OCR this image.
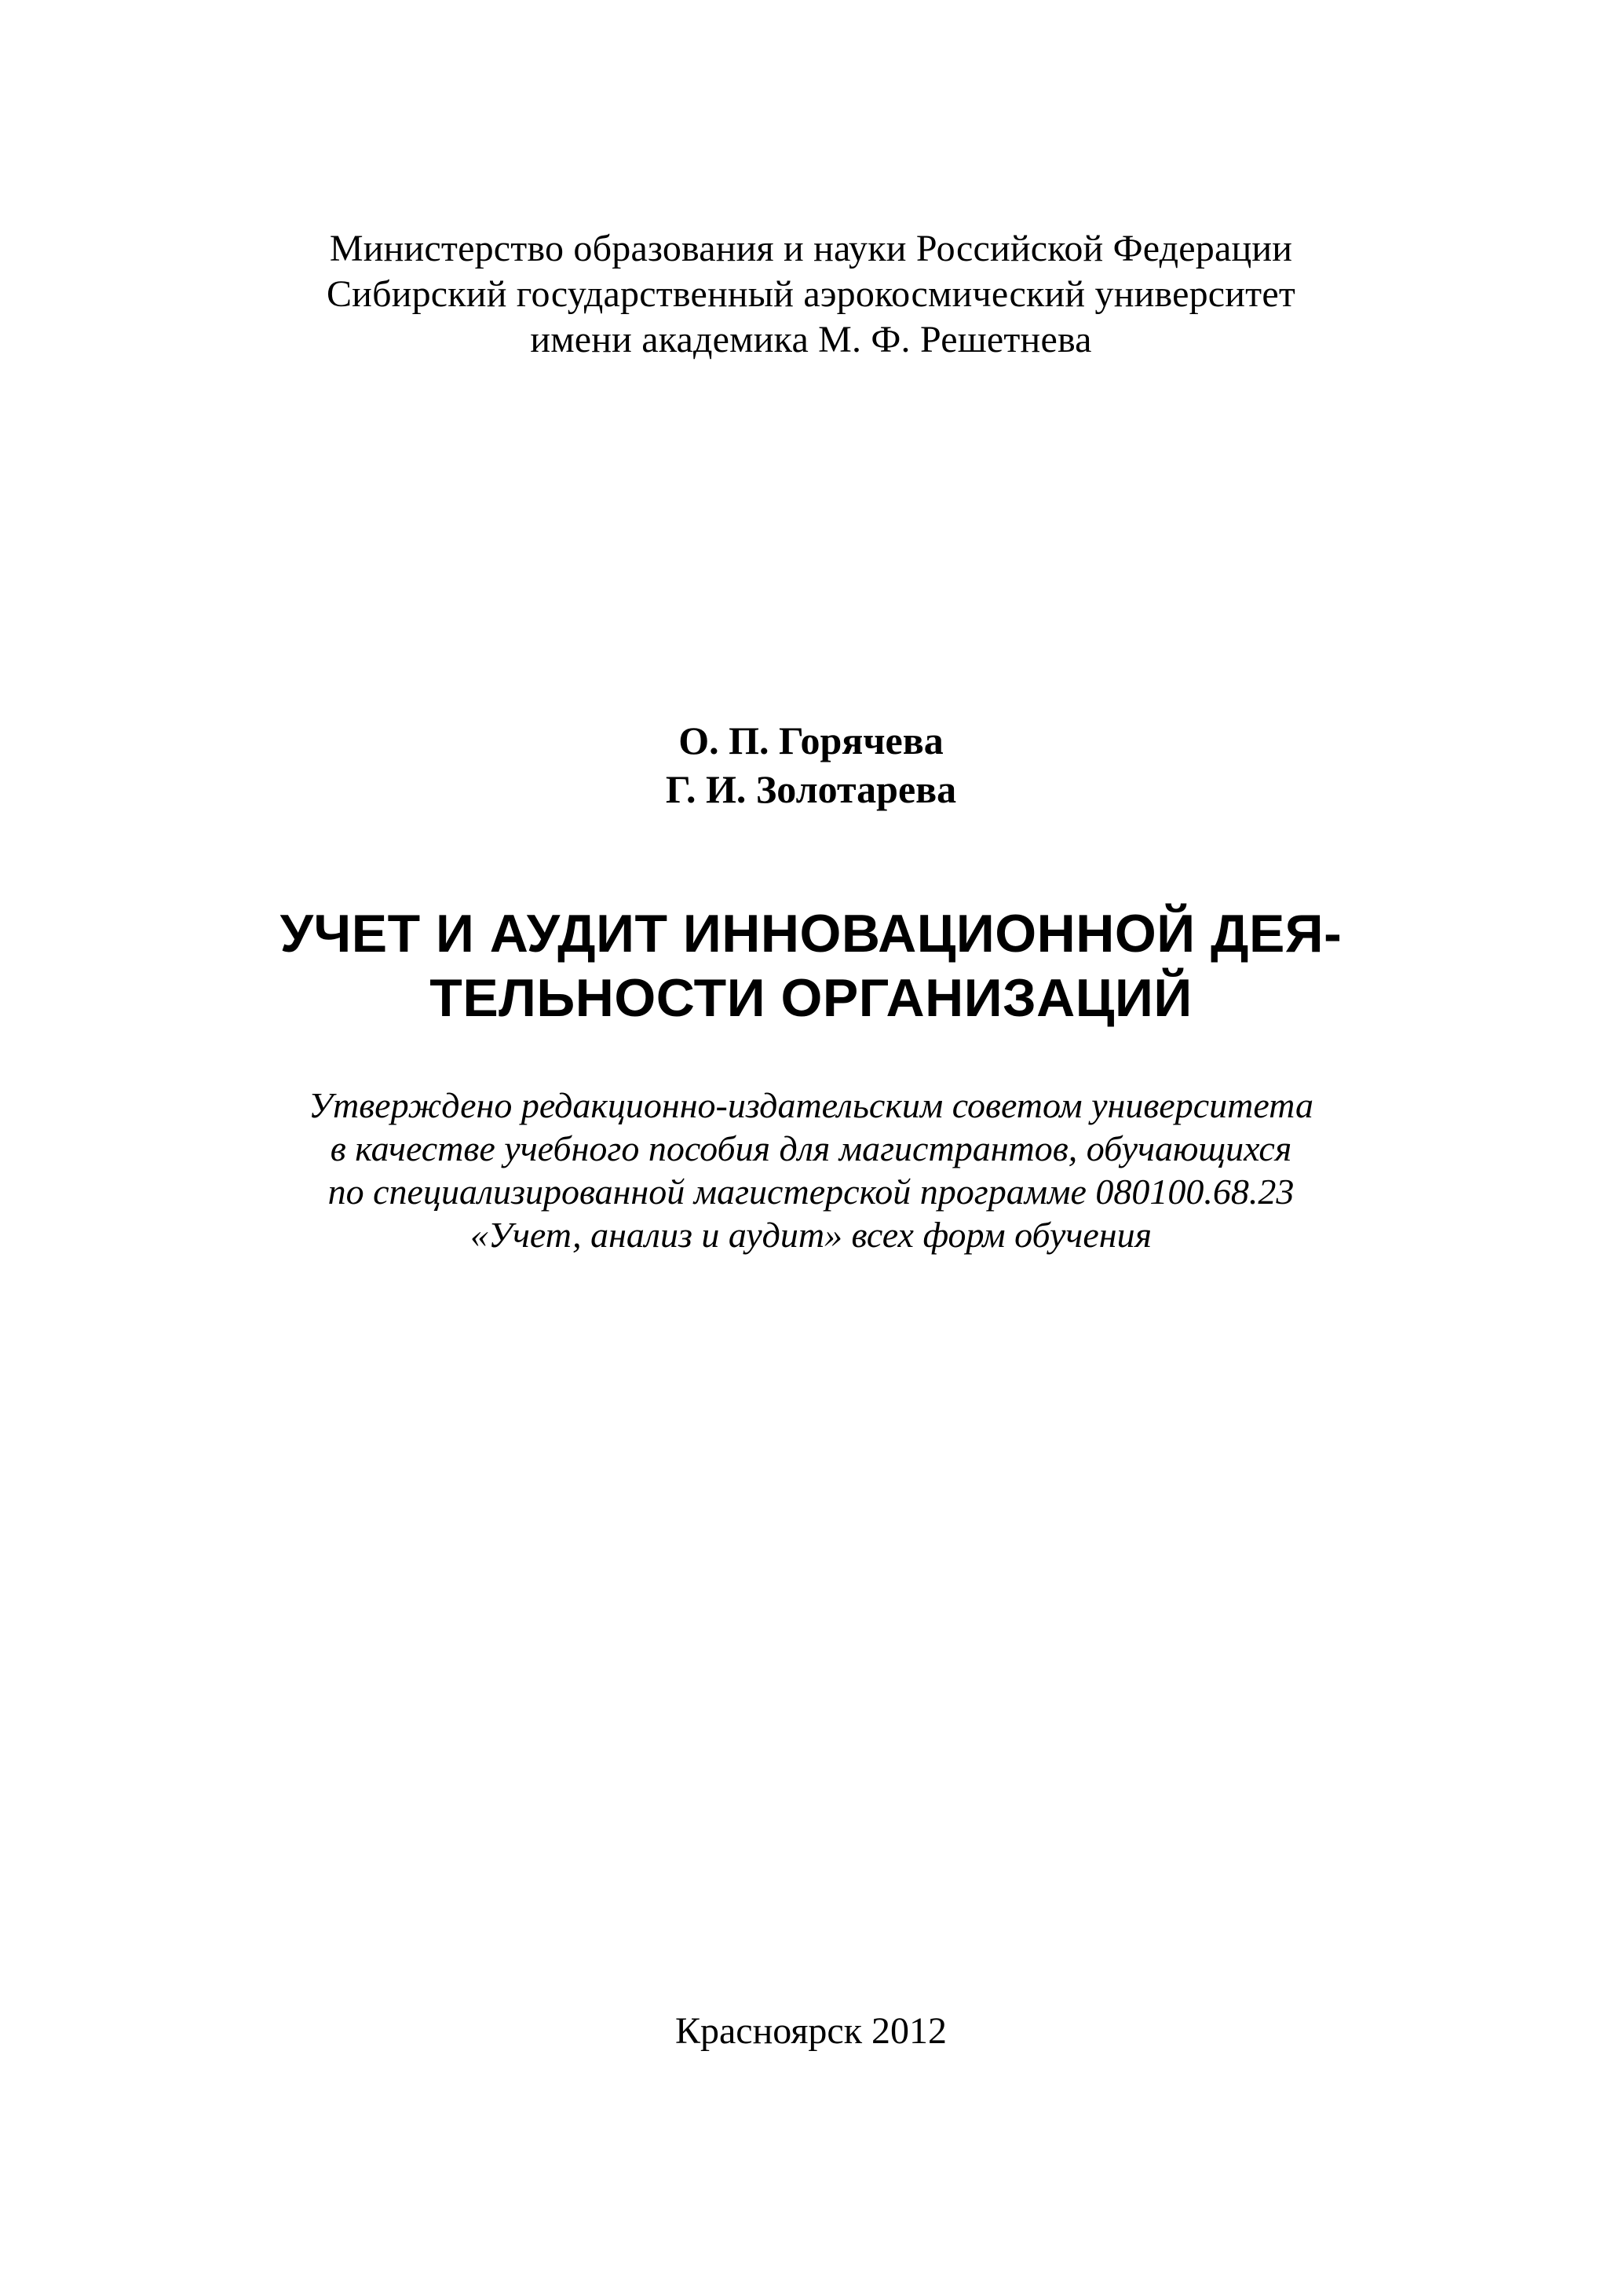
Министерство образования и науки Российской Федерации
Сибирский государственный аэрокосмический университет
имени академика М. Ф. Решетнева
О. П. Горячева
Г. И. Золотарева
УЧЕТ И АУДИТ ИННОВАЦИОННОЙ ДЕЯ-
ТЕЛЬНОСТИ ОРГАНИЗАЦИЙ
Утверждено редакционно-издательским советом университета
в качестве учебного пособия для магистрантов, обучающихся
по специализированной магистерской программе 080100.68.23
«Учет, анализ и аудит» всех форм обучения
Красноярск 2012
